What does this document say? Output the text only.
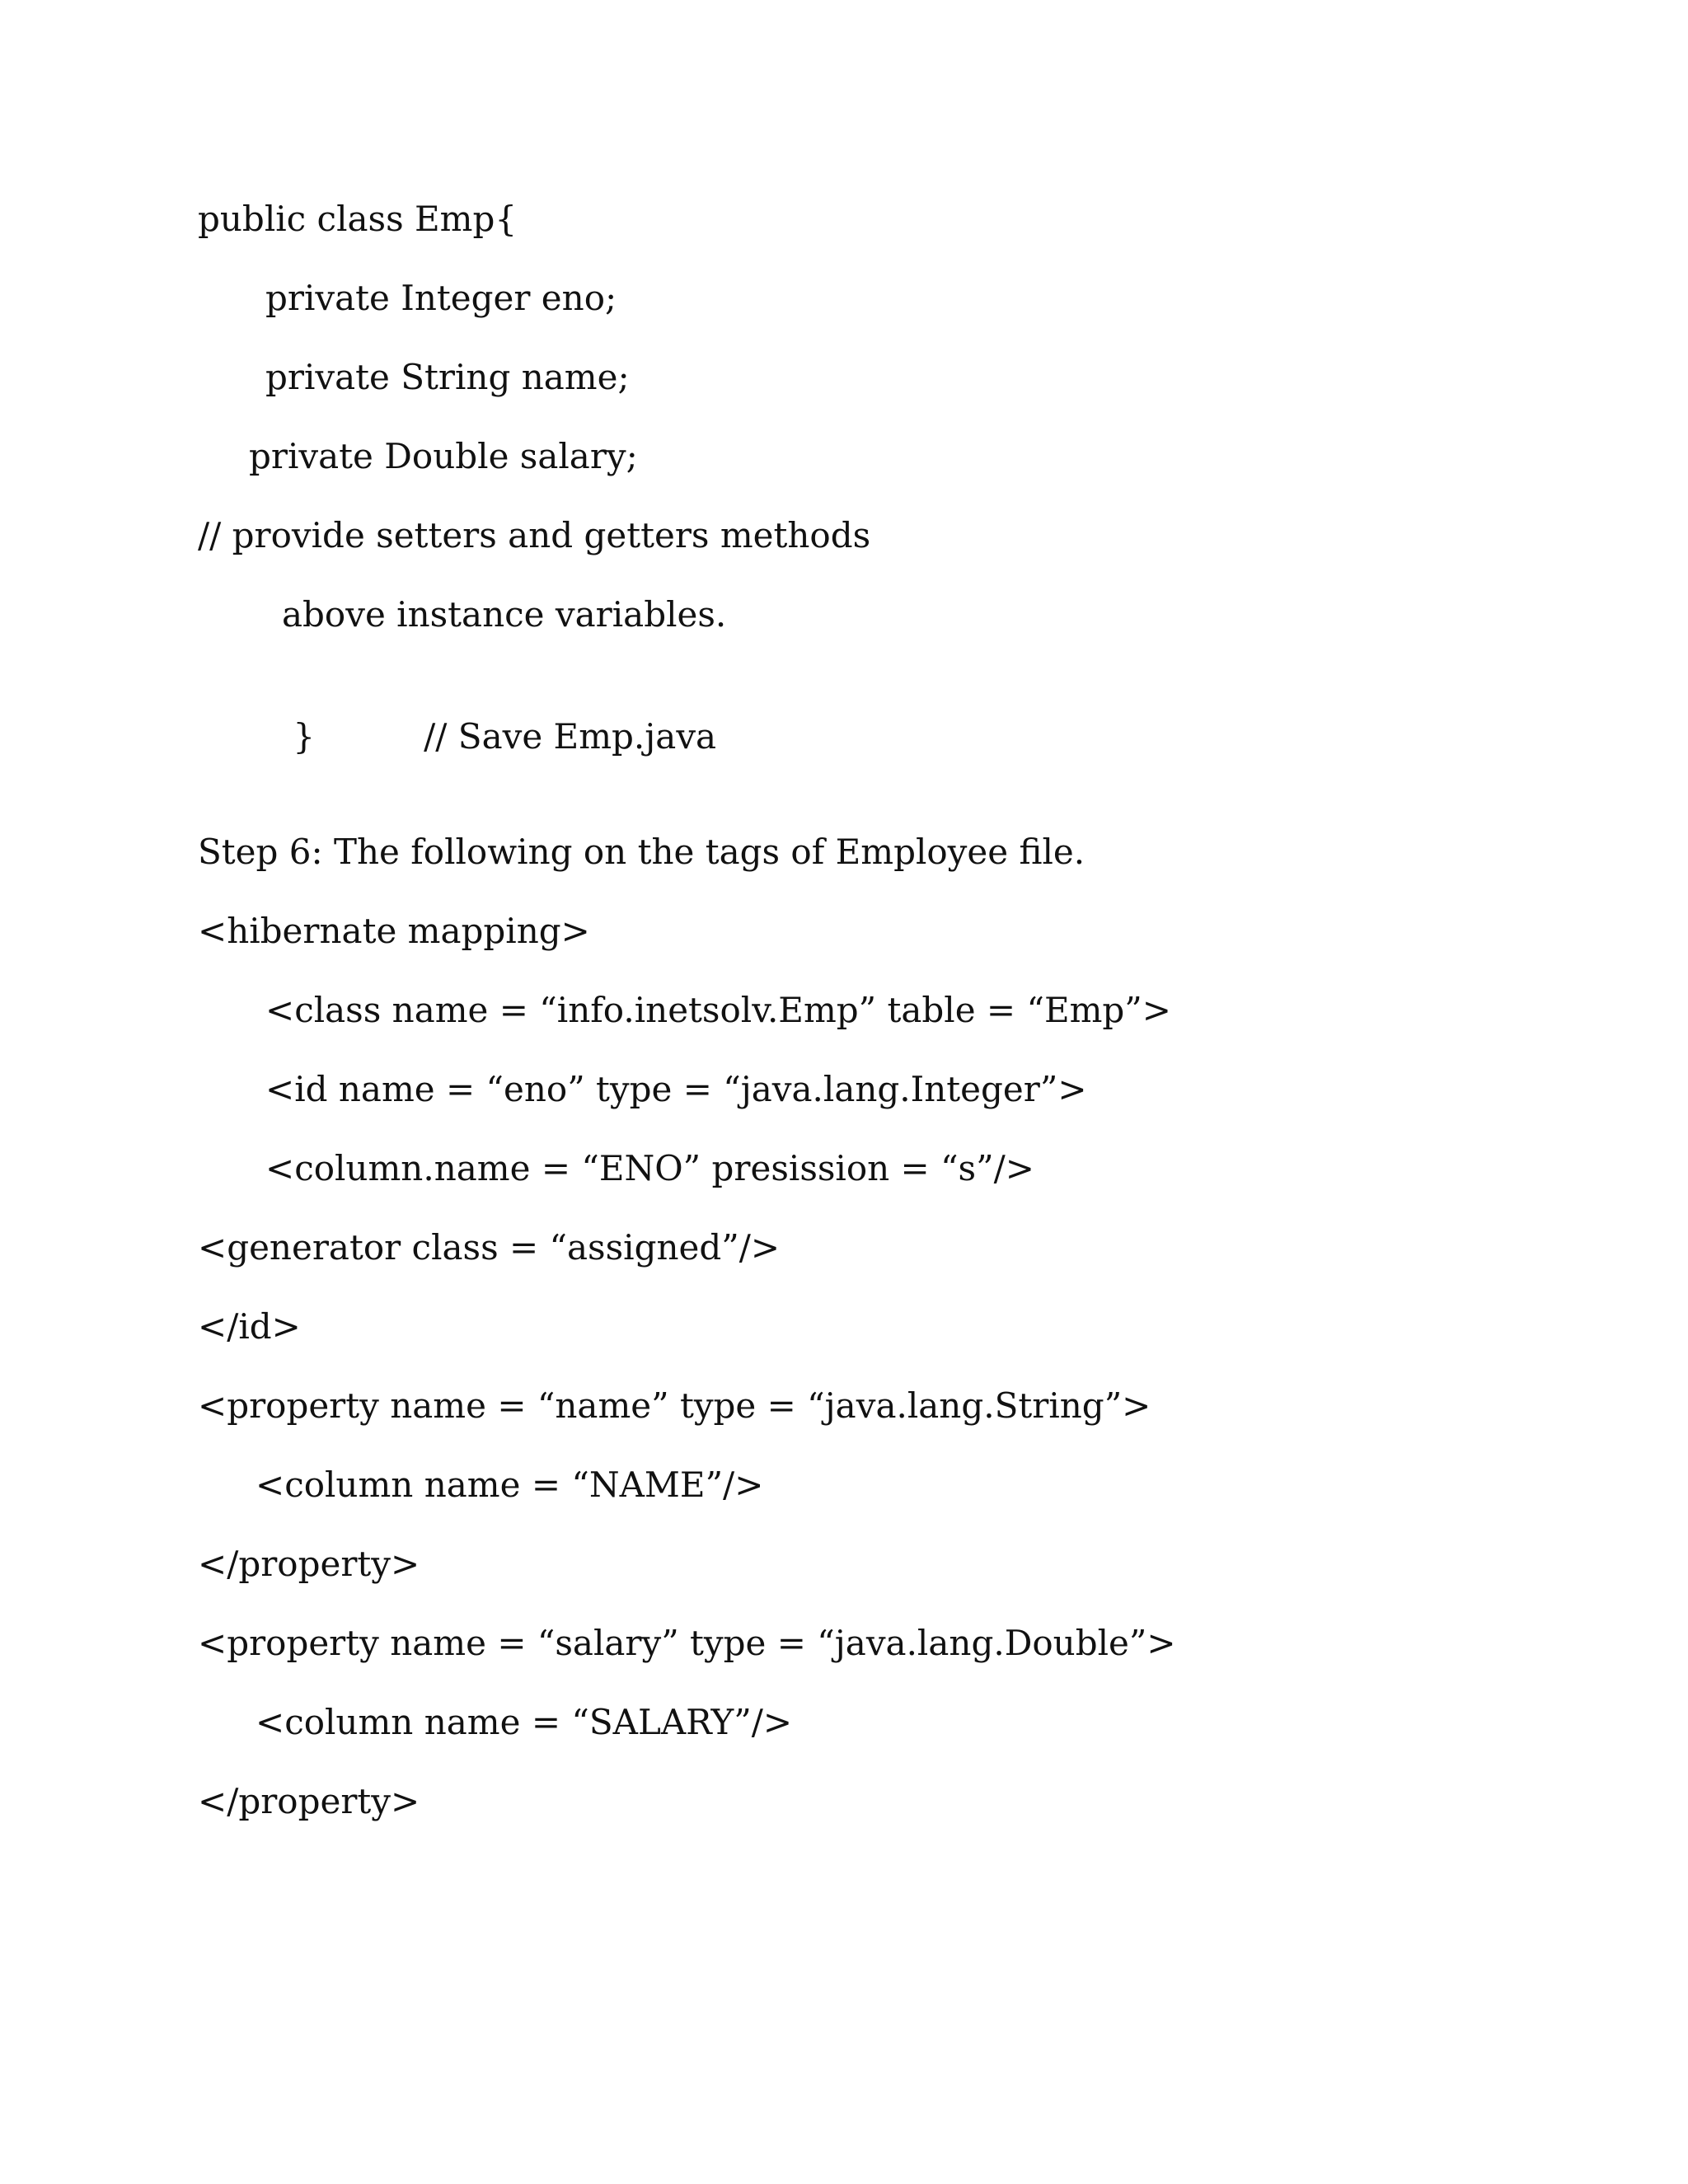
public class Emp{
private Integer eno;
private String name;
private Double salary;
// provide setters and getters methods
above instance variables.

}	// Save Emp.java

Step 6: The following on the tags of Employee file.
<hibernate mapping>
<class name = “info.inetsolv.Emp” table = “Emp”>
<id name = “eno” type = “java.lang.Integer”>
<column.name = “ENO” presission = “s”/>
<generator class = “assigned”/>
</id>
<property name = “name” type = “java.lang.String”>
<column name = “NAME”/>
</property>
<property name = “salary” type = “java.lang.Double”>
<column name = “SALARY”/>
</property>
